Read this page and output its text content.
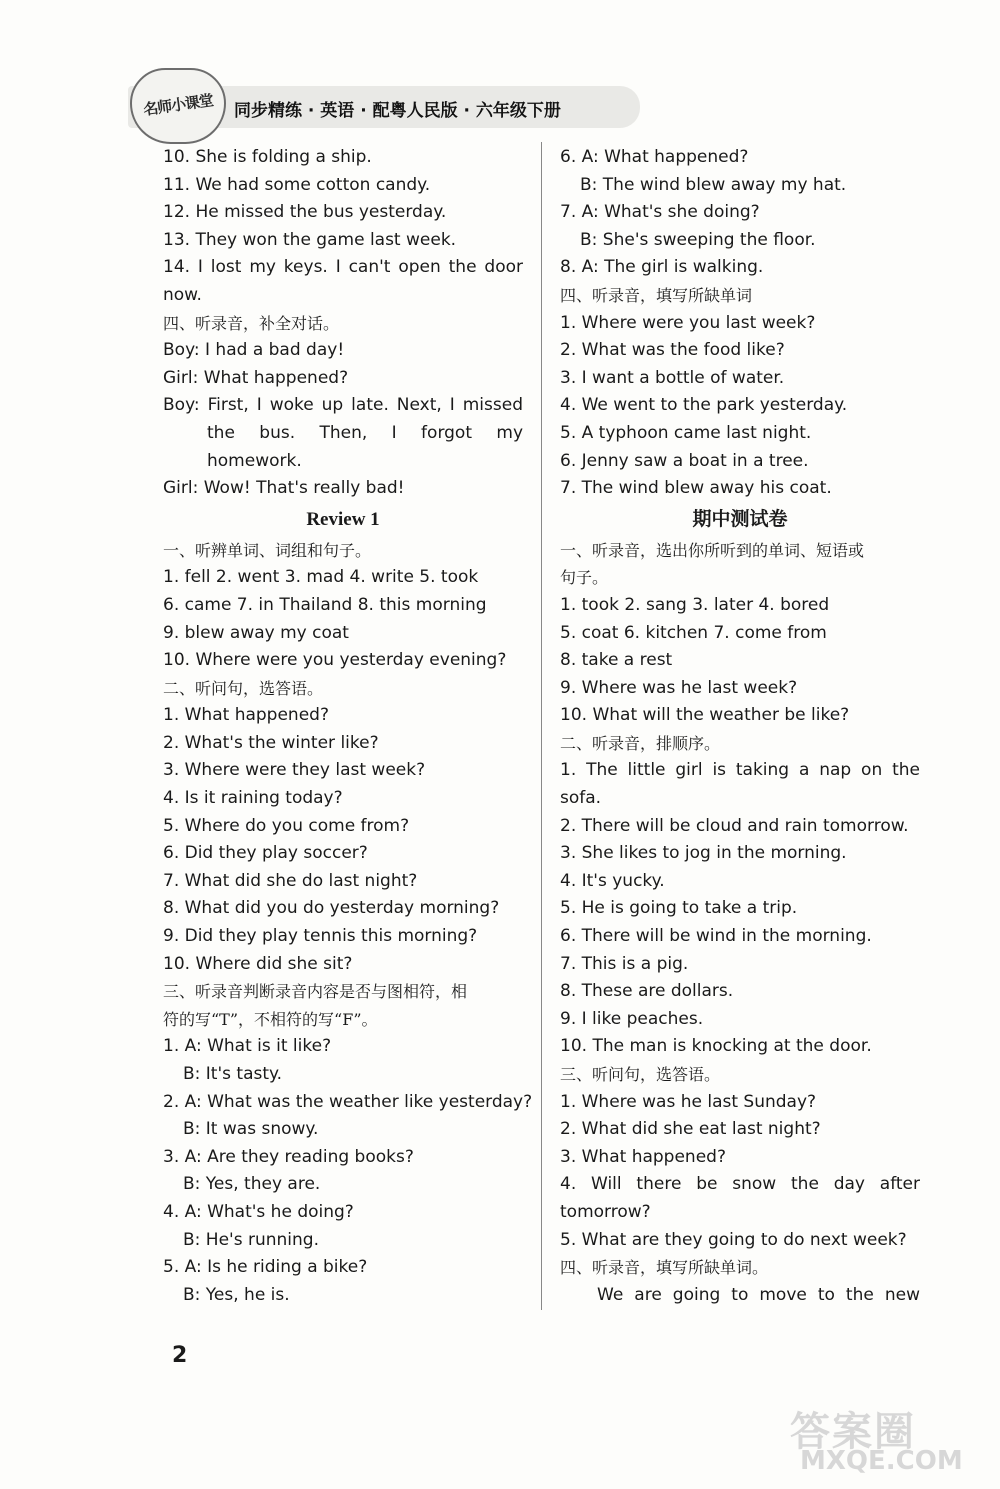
名师小课堂 同步精练 · 英语 · 配粤人民版 · 六年级下册
10. She is folding a ship.
11. We had some cotton candy.
12. He missed the bus yesterday.
13. They won the game last week.
14. I lost my keys. I can't open the door
now.
四、听录音，补全对话。
Boy: I had a bad day!
Girl: What happened?
Boy: First, I woke up late. Next, I missed
the bus. Then, I forgot my
homework.
Girl: Wow! That's really bad!
Review 1
一、听辨单词、词组和句子。
1. fell 2. went 3. mad 4. write 5. took
6. came 7. in Thailand 8. this morning
9. blew away my coat
10. Where were you yesterday evening?
二、听问句，选答语。
1. What happened?
2. What's the winter like?
3. Where were they last week?
4. Is it raining today?
5. Where do you come from?
6. Did they play soccer?
7. What did she do last night?
8. What did you do yesterday morning?
9. Did they play tennis this morning?
10. Where did she sit?
三、听录音判断录音内容是否与图相符，相
符的写“T”，不相符的写“F”。
1. A: What is it like?
B: It's tasty.
2. A: What was the weather like yesterday?
B: It was snowy.
3. A: Are they reading books?
B: Yes, they are.
4. A: What's he doing?
B: He's running.
5. A: Is he riding a bike?
B: Yes, he is.
6. A: What happened?
B: The wind blew away my hat.
7. A: What's she doing?
B: She's sweeping the floor.
8. A: The girl is walking.
四、听录音，填写所缺单词
1. Where were you last week?
2. What was the food like?
3. I want a bottle of water.
4. We went to the park yesterday.
5. A typhoon came last night.
6. Jenny saw a boat in a tree.
7. The wind blew away his coat.
期中测试卷
一、听录音，选出你所听到的单词、短语或
句子。
1. took 2. sang 3. later 4. bored
5. coat 6. kitchen 7. come from
8. take a rest
9. Where was he last week?
10. What will the weather be like?
二、听录音，排顺序。
1. The little girl is taking a nap on the
sofa.
2. There will be cloud and rain tomorrow.
3. She likes to jog in the morning.
4. It's yucky.
5. He is going to take a trip.
6. There will be wind in the morning.
7. This is a pig.
8. These are dollars.
9. I like peaches.
10. The man is knocking at the door.
三、听问句，选答语。
1. Where was he last Sunday?
2. What did she eat last night?
3. What happened?
4. Will there be snow the day after
tomorrow?
5. What are they going to do next week?
四、听录音，填写所缺单词。
We are going to move to the new
2
答案圈
MXQE.COM
